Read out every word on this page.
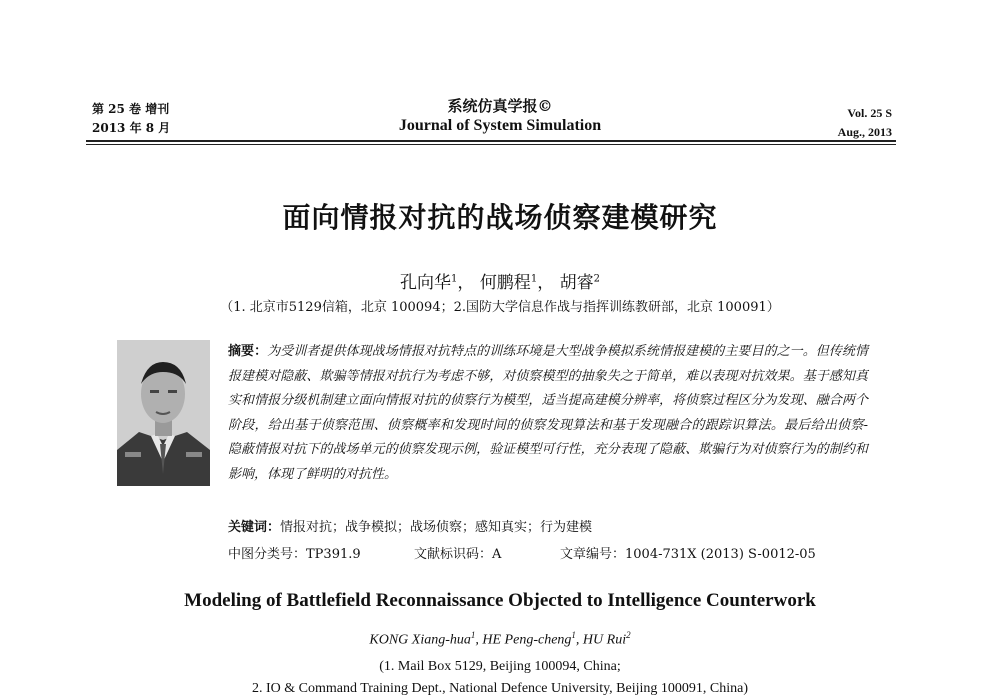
第 25 卷 增刊
2013 年 8 月
系统仿真学报©
Journal of System Simulation
Vol. 25 S
Aug., 2013
面向情报对抗的战场侦察建模研究
孔向华$^1$， 何鹏程$^1$， 胡睿$^2$
（1. 北京市5129信箱，北京 100094；2.国防大学信息作战与指挥训练教研部，北京 100091）
摘要：为受训者提供体现战场情报对抗特点的训练环境是大型战争模拟系统情报建模的主要目的之一。但传统情报建模对隐蔽、欺骗等情报对抗行为考虑不够，对侦察模型的抽象失之于简单，难以表现对抗效果。基于感知真实和情报分级机制建立面向情报对抗的侦察行为模型，适当提高建模分辨率，将侦察过程区分为发现、融合两个阶段，给出基于侦察范围、侦察概率和发现时间的侦察发现算法和基于发现融合的跟踪识算法。最后给出侦察-隐蔽情报对抗下的战场单元的侦察发现示例，验证模型可行性，充分表现了隐蔽、欺骗行为对侦察行为的制约和影响，体现了鲜明的对抗性。
关键词：情报对抗；战争模拟；战场侦察；感知真实；行为建模
中图分类号：TP391.9	文献标识码：A	文章编号：1004-731X (2013) S-0012-05
Modeling of Battlefield Reconnaissance Objected to Intelligence Counterwork
KONG Xiang-hua$^1$, HE Peng-cheng$^1$, HU Rui$^2$
(1. Mail Box 5129, Beijing 100094, China;
2. IO & Command Training Dept., National Defence University, Beijing 100091, China)
